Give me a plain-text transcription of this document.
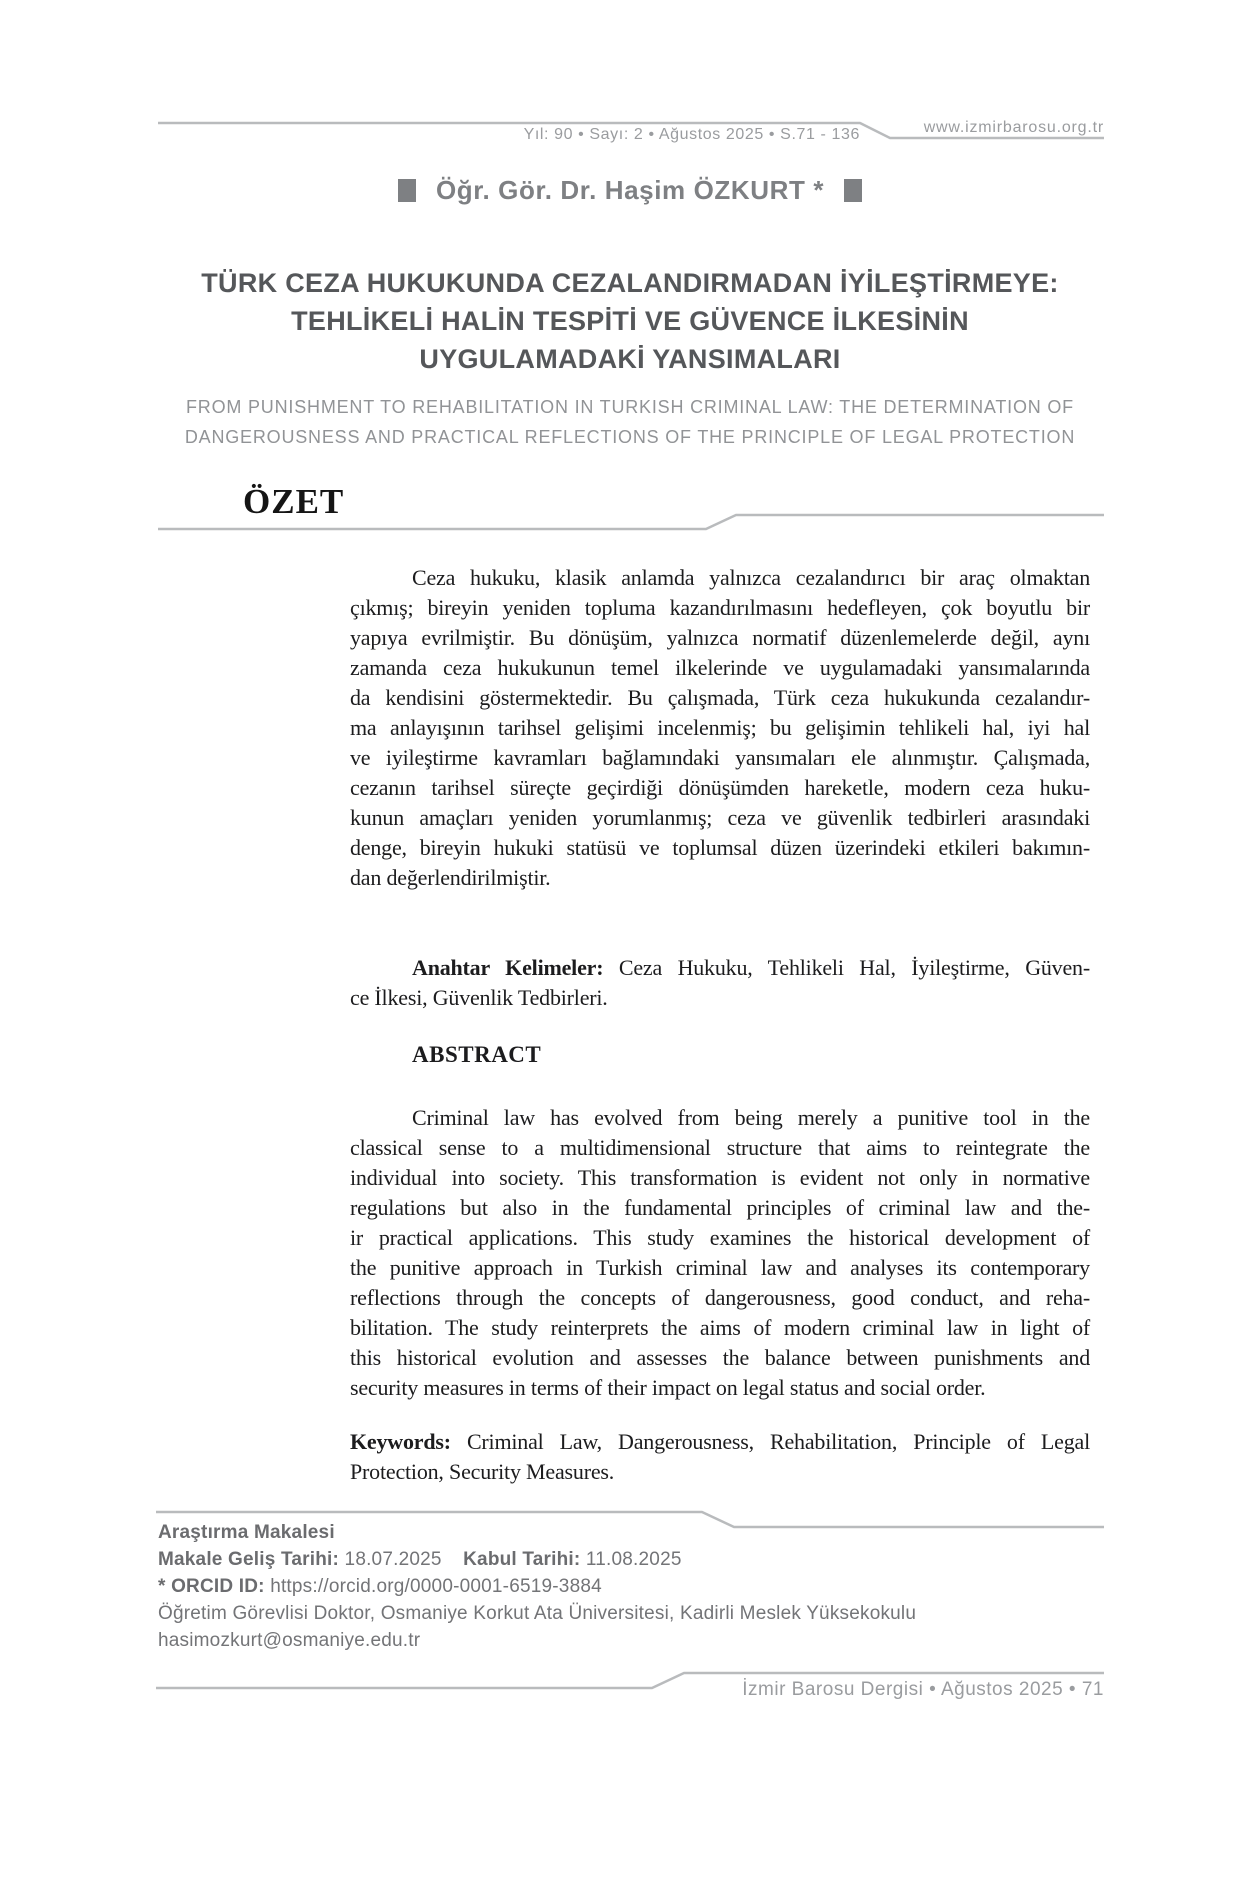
Yıl: 90 • Sayı: 2 • Ağustos 2025 • S.71 - 136	www.izmirbarosu.org.tr
Öğr. Gör. Dr. Haşim ÖZKURT *
TÜRK CEZA HUKUKUNDA CEZALANDIRMADAN İYİLEŞTİRMEYE:
TEHLİKELİ HALİN TESPİTİ VE GÜVENCE İLKESİNİN
UYGULAMADAKİ YANSIMALARI
FROM PUNISHMENT TO REHABILITATION IN TURKISH CRIMINAL LAW: THE DETERMINATION OF
DANGEROUSNESS AND PRACTICAL REFLECTIONS OF THE PRINCIPLE OF LEGAL PROTECTION
ÖZET
Ceza hukuku, klasik anlamda yalnızca cezalandırıcı bir araç olmaktan
çıkmış; bireyin yeniden topluma kazandırılmasını hedefleyen, çok boyutlu bir
yapıya evrilmiştir. Bu dönüşüm, yalnızca normatif düzenlemelerde değil, aynı
zamanda ceza hukukunun temel ilkelerinde ve uygulamadaki yansımalarında
da kendisini göstermektedir. Bu çalışmada, Türk ceza hukukunda cezalandır-
ma anlayışının tarihsel gelişimi incelenmiş; bu gelişimin tehlikeli hal, iyi hal
ve iyileştirme kavramları bağlamındaki yansımaları ele alınmıştır. Çalışmada,
cezanın tarihsel süreçte geçirdiği dönüşümden hareketle, modern ceza huku-
kunun amaçları yeniden yorumlanmış; ceza ve güvenlik tedbirleri arasındaki
denge, bireyin hukuki statüsü ve toplumsal düzen üzerindeki etkileri bakımın-
dan değerlendirilmiştir.
Anahtar Kelimeler: Ceza Hukuku, Tehlikeli Hal, İyileştirme, Güven-
ce İlkesi, Güvenlik Tedbirleri.
ABSTRACT
Criminal law has evolved from being merely a punitive tool in the
classical sense to a multidimensional structure that aims to reintegrate the
individual into society. This transformation is evident not only in normative
regulations but also in the fundamental principles of criminal law and the-
ir practical applications. This study examines the historical development of
the punitive approach in Turkish criminal law and analyses its contemporary
reflections through the concepts of dangerousness, good conduct, and reha-
bilitation. The study reinterprets the aims of modern criminal law in light of
this historical evolution and assesses the balance between punishments and
security measures in terms of their impact on legal status and social order.
Keywords: Criminal Law, Dangerousness, Rehabilitation, Principle of Legal
Protection, Security Measures.
Araştırma Makalesi
Makale Geliş Tarihi: 18.07.2025 Kabul Tarihi: 11.08.2025
* ORCID ID: https://orcid.org/0000-0001-6519-3884
Öğretim Görevlisi Doktor, Osmaniye Korkut Ata Üniversitesi, Kadirli Meslek Yüksekokulu
hasimozkurt@osmaniye.edu.tr
İzmir Barosu Dergisi • Ağustos 2025 • 71
